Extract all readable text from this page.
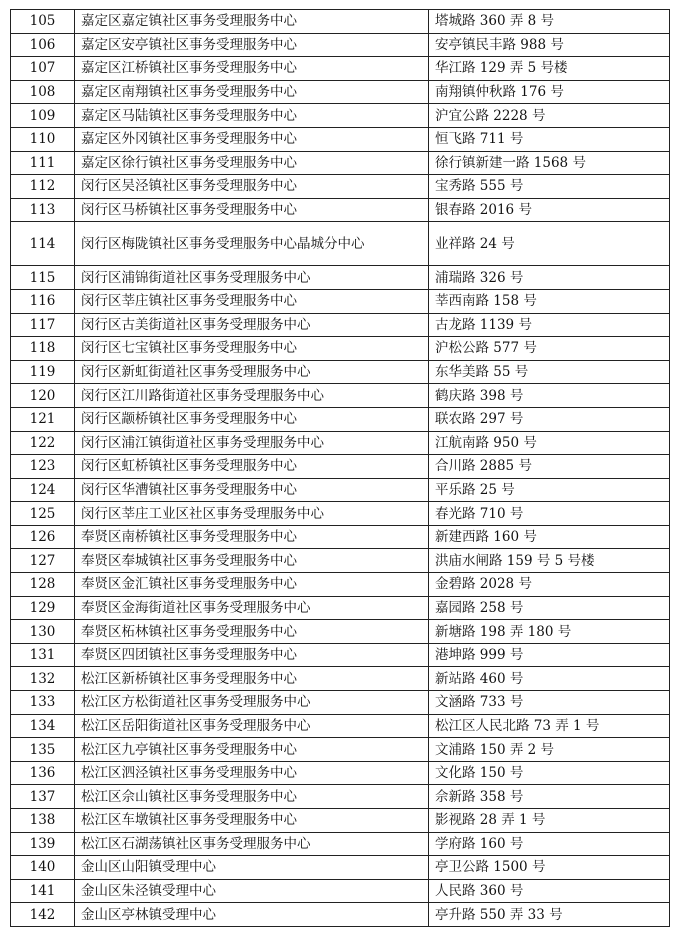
105	嘉定区嘉定镇社区事务受理服务中心	塔城路 360 弄 8 号
106	嘉定区安亭镇社区事务受理服务中心	安亭镇民丰路 988 号
107	嘉定区江桥镇社区事务受理服务中心	华江路 129 弄 5 号楼
108	嘉定区南翔镇社区事务受理服务中心	南翔镇仲秋路 176 号
109	嘉定区马陆镇社区事务受理服务中心	沪宜公路 2228 号
110	嘉定区外冈镇社区事务受理服务中心	恒飞路 711 号
111	嘉定区徐行镇社区事务受理服务中心	徐行镇新建一路 1568 号
112	闵行区吴泾镇社区事务受理服务中心	宝秀路 555 号
113	闵行区马桥镇社区事务受理服务中心	银春路 2016 号
114	闵行区梅陇镇社区事务受理服务中心晶城分中心	业祥路 24 号
115	闵行区浦锦街道社区事务受理服务中心	浦瑞路 326 号
116	闵行区莘庄镇社区事务受理服务中心	莘西南路 158 号
117	闵行区古美街道社区事务受理服务中心	古龙路 1139 号
118	闵行区七宝镇社区事务受理服务中心	沪松公路 577 号
119	闵行区新虹街道社区事务受理服务中心	东华美路 55 号
120	闵行区江川路街道社区事务受理服务中心	鹤庆路 398 号
121	闵行区颛桥镇社区事务受理服务中心	联农路 297 号
122	闵行区浦江镇街道社区事务受理服务中心	江航南路 950 号
123	闵行区虹桥镇社区事务受理服务中心	合川路 2885 号
124	闵行区华漕镇社区事务受理服务中心	平乐路 25 号
125	闵行区莘庄工业区社区事务受理服务中心	春光路 710 号
126	奉贤区南桥镇社区事务受理服务中心	新建西路 160 号
127	奉贤区奉城镇社区事务受理服务中心	洪庙水闸路 159 号 5 号楼
128	奉贤区金汇镇社区事务受理服务中心	金碧路 2028 号
129	奉贤区金海街道社区事务受理服务中心	嘉园路 258 号
130	奉贤区柘林镇社区事务受理服务中心	新塘路 198 弄 180 号
131	奉贤区四团镇社区事务受理服务中心	港坤路 999 号
132	松江区新桥镇社区事务受理服务中心	新站路 460 号
133	松江区方松街道社区事务受理服务中心	文涵路 733 号
134	松江区岳阳街道社区事务受理服务中心	松江区人民北路 73 弄 1 号
135	松江区九亭镇社区事务受理服务中心	文浦路 150 弄 2 号
136	松江区泗泾镇社区事务受理服务中心	文化路 150 号
137	松江区佘山镇社区事务受理服务中心	佘新路 358 号
138	松江区车墩镇社区事务受理服务中心	影视路 28 弄 1 号
139	松江区石湖荡镇社区事务受理服务中心	学府路 160 号
140	金山区山阳镇受理中心	亭卫公路 1500 号
141	金山区朱泾镇受理中心	人民路 360 号
142	金山区亭林镇受理中心	亭升路 550 弄 33 号
